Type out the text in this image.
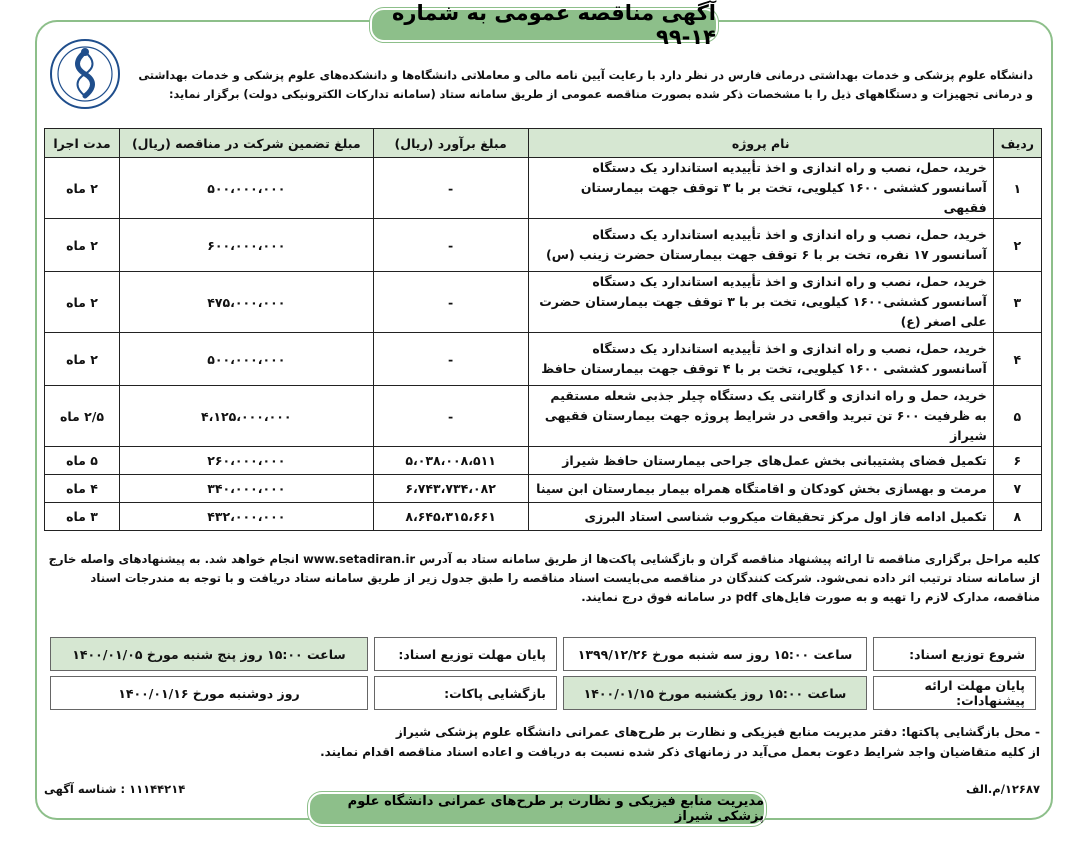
آگهی مناقصه عمومی به شماره ۱۴-۹۹
دانشگاه علوم پزشکی و خدمات بهداشتی درمانی فارس در نظر دارد با رعایت آیین نامه مالی و معاملاتی دانشگاه‌ها و دانشکده‌های علوم پزشکی و خدمات بهداشتی و درمانی تجهیزات و دستگاههای ذیل را با مشخصات ذکر شده بصورت مناقصه عمومی از طریق سامانه ستاد (سامانه تدارکات الکترونیکی دولت) برگزار نماید:
ردیف	نام پروژه	مبلغ برآورد (ریال)	مبلغ تضمین شرکت در مناقصه (ریال)	مدت اجرا
۱	خرید، حمل، نصب و راه اندازی و اخذ تأییدیه استاندارد یک دستگاه آسانسور کششی ۱۶۰۰ کیلویی، تخت بر با ۳ توقف جهت بیمارستان فقیهی	-	۵۰۰،۰۰۰،۰۰۰	۲ ماه
۲	خرید، حمل، نصب و راه اندازی و اخذ تأییدیه استاندارد یک دستگاه آسانسور ۱۷ نفره، تخت بر با ۶ توقف جهت بیمارستان حضرت زینب (س)	-	۶۰۰،۰۰۰،۰۰۰	۲ ماه
۳	خرید، حمل، نصب و راه اندازی و اخذ تأییدیه استاندارد یک دستگاه آسانسور کششی۱۶۰۰ کیلویی، تخت بر با ۳ توقف جهت بیمارستان حضرت علی اصغر (ع)	-	۴۷۵،۰۰۰،۰۰۰	۲ ماه
۴	خرید، حمل، نصب و راه اندازی و اخذ تأییدیه استاندارد یک دستگاه آسانسور کششی ۱۶۰۰ کیلویی، تخت بر با ۴ توقف جهت بیمارستان حافظ	-	۵۰۰،۰۰۰،۰۰۰	۲ ماه
۵	خرید، حمل و راه اندازی و گارانتی یک دستگاه چیلر جذبی شعله مستقیم به ظرفیت ۶۰۰ تن تبرید واقعی در شرایط پروژه جهت بیمارستان فقیهی شیراز	-	۴،۱۲۵،۰۰۰،۰۰۰	۲/۵ ماه
۶	تکمیل فضای پشتیبانی بخش عمل‌های جراحی بیمارستان حافظ شیراز	۵،۰۳۸،۰۰۸،۵۱۱	۲۶۰،۰۰۰،۰۰۰	۵ ماه
۷	مرمت و بهسازی بخش کودکان و اقامتگاه همراه بیمار بیمارستان ابن سینا	۶،۷۴۳،۷۳۴،۰۸۲	۳۴۰،۰۰۰،۰۰۰	۴ ماه
۸	تکمیل ادامه فاز اول مرکز تحقیقات میکروب شناسی استاد البرزی	۸،۶۴۵،۳۱۵،۶۶۱	۴۳۲،۰۰۰،۰۰۰	۳ ماه
کلیه مراحل برگزاری مناقصه تا ارائه پیشنهاد مناقصه گران و بازگشایی پاکت‌ها از طریق سامانه ستاد به آدرس www.setadiran.ir انجام خواهد شد. به پیشنهادهای واصله خارج از سامانه ستاد ترتیب اثر داده نمی‌شود. شرکت کنندگان در مناقصه می‌بایست اسناد مناقصه را طبق جدول زیر از طریق سامانه ستاد دریافت و با توجه به مندرجات اسناد مناقصه، مدارک لازم را تهیه و به صورت فایل‌های pdf در سامانه فوق درج نمایند.
شروع توزیع اسناد:	ساعت ۱۵:۰۰ روز سه شنبه مورخ ۱۳۹۹/۱۲/۲۶	پایان مهلت توزیع اسناد:	ساعت ۱۵:۰۰ روز پنج شنبه مورخ ۱۴۰۰/۰۱/۰۵
پایان مهلت ارائه پیشنهادات:	ساعت ۱۵:۰۰ روز یکشنبه مورخ ۱۴۰۰/۰۱/۱۵	بازگشایی پاکات:	روز دوشنبه مورخ ۱۴۰۰/۰۱/۱۶
- محل بازگشایی پاکتها: دفتر مدیریت منابع فیزیکی و نظارت بر طرح‌های عمرانی دانشگاه علوم پزشکی شیراز
از کلیه متقاضیان واجد شرایط دعوت بعمل می‌آید در زمانهای ذکر شده نسبت به دریافت و اعاده اسناد مناقصه اقدام نمایند.
۱۲۶۸۷/م.الف
۱۱۱۴۴۲۱۴ : شناسه آگهی
مدیریت منابع فیزیکی و نظارت بر طرح‌های عمرانی دانشگاه علوم پزشکی شیراز
